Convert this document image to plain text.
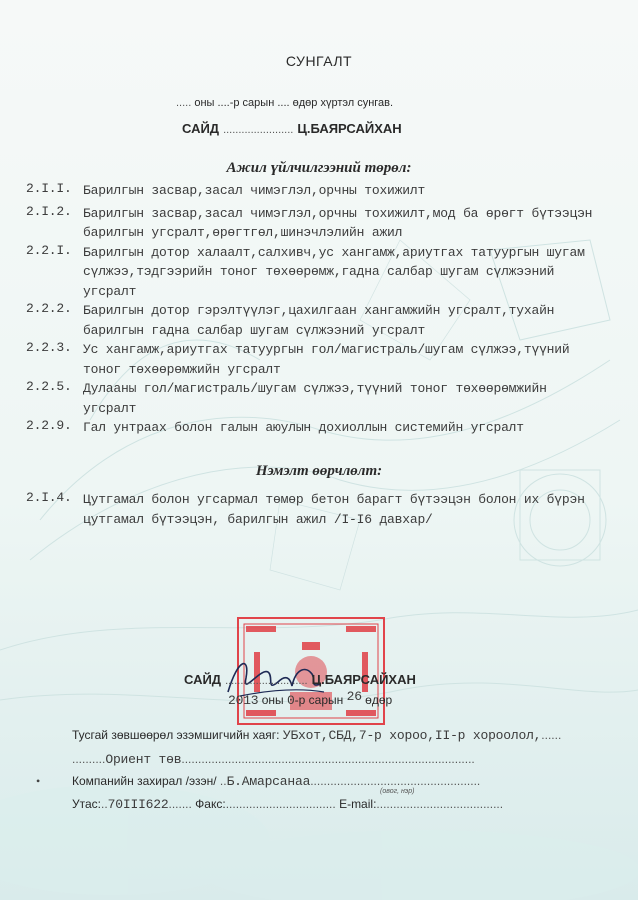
СУНГАЛТ
..... оны ....-р сарын .... өдөр хүртэл сунгав.
САЙД ....................... Ц.БАЯРСАЙХАН
Ажил үйлчилгээний төрөл:
2.I.I. Барилгын засвар,засал чимэглэл,орчны тохижилт
2.I.2. Барилгын засвар,засал чимэглэл,орчны тохижилт,мод ба өрөгт бүтээцэн
барилгын угсралт,өрөгтгөл,шинэчлэлийн ажил
2.2.I. Барилгын дотор халаалт,салхивч,ус хангамж,ариутгах татуургын шугам
сүлжээ,тэдгээрийн тоног төхөөрөмж,гадна салбар шугам сүлжээний
угсралт
2.2.2. Барилгын дотор гэрэлтүүлэг,цахилгаан хангамжийн угсралт,тухайн
барилгын гадна салбар шугам сүлжээний угсралт
2.2.3. Ус хангамж,ариутгах татуургын гол/магистраль/шугам сүлжээ,түүний
тоног төхөөрөмжийн угсралт
2.2.5. Дулааны гол/магистраль/шугам сүлжээ,түүний тоног төхөөрөмжийн
угсралт
2.2.9. Гал унтраах болон галын аюулын дохиоллын системийн угсралт
Нэмэлт өөрчлөлт:
2.I.4. Цутгамал болон угсармал төмөр бетон барагт бүтээцэн болон их бүрэн
цутгамал бүтээцэн, барилгын ажил /I-I6 давхар/
САЙД ........................... Ц.БАЯРСАЙХАН
2013 оны 0-р сарын 26 өдөр
Тусгай зөвшөөрөл эзэмшигчийн хаяг: УБхот,СБД,7-р хороо,II-р хороолол,......
..........Ориент төв........................................................................................
Компанийн захирал /эзэн/ ..Б.Амарсанаа...................................................
(овог, нэр)
Утас:..70III622....... Факс:................................. E-mail:......................................
•
